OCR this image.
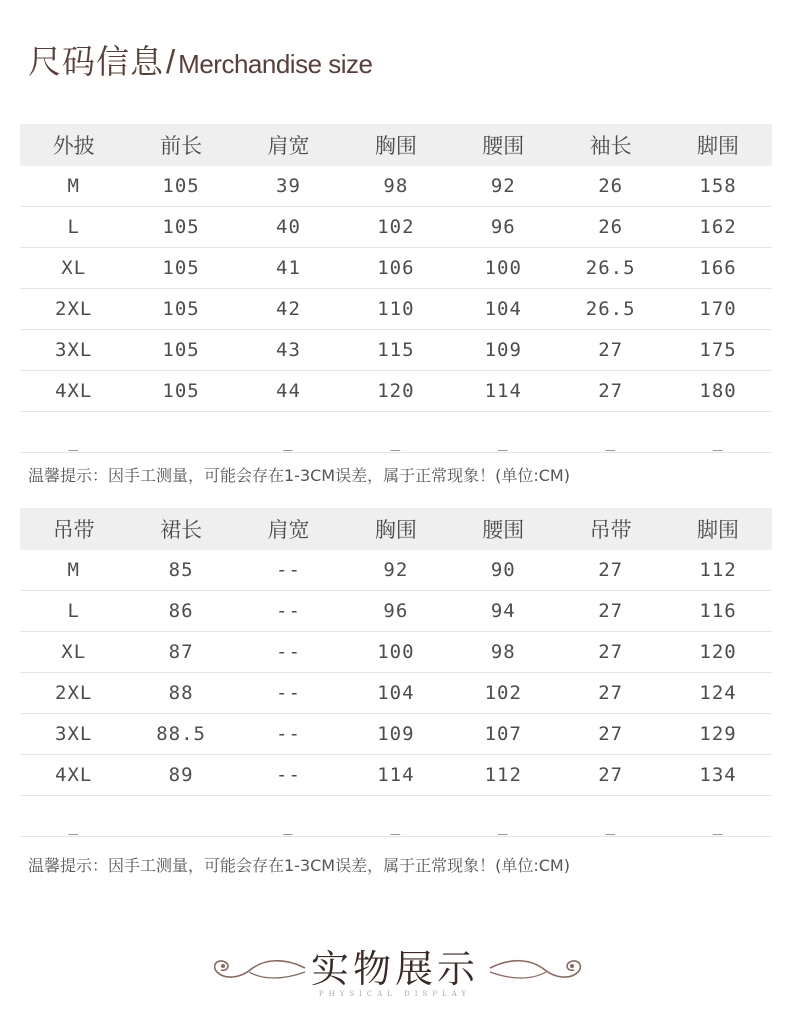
尺码信息/Merchandise size
外披	前长	肩宽	胸围	腰围	袖长	脚围
M	105	39	98	92	26	158
L	105	40	102	96	26	162
XL	105	41	106	100	26.5	166
2XL	105	42	110	104	26.5	170
3XL	105	43	115	109	27	175
4XL	105	44	120	114	27	180
_	_	_	_	_	_
温馨提示：因手工测量，可能会存在1-3CM误差，属于正常现象！(单位:CM)
吊带	裙长	肩宽	胸围	腰围	吊带	脚围
M	85	--	92	90	27	112
L	86	--	96	94	27	116
XL	87	--	100	98	27	120
2XL	88	--	104	102	27	124
3XL	88.5	--	109	107	27	129
4XL	89	--	114	112	27	134
_	_	_	_	_	_
温馨提示：因手工测量，可能会存在1-3CM误差，属于正常现象！(单位:CM)
实物展示
PHYSICAL DISPLAY
